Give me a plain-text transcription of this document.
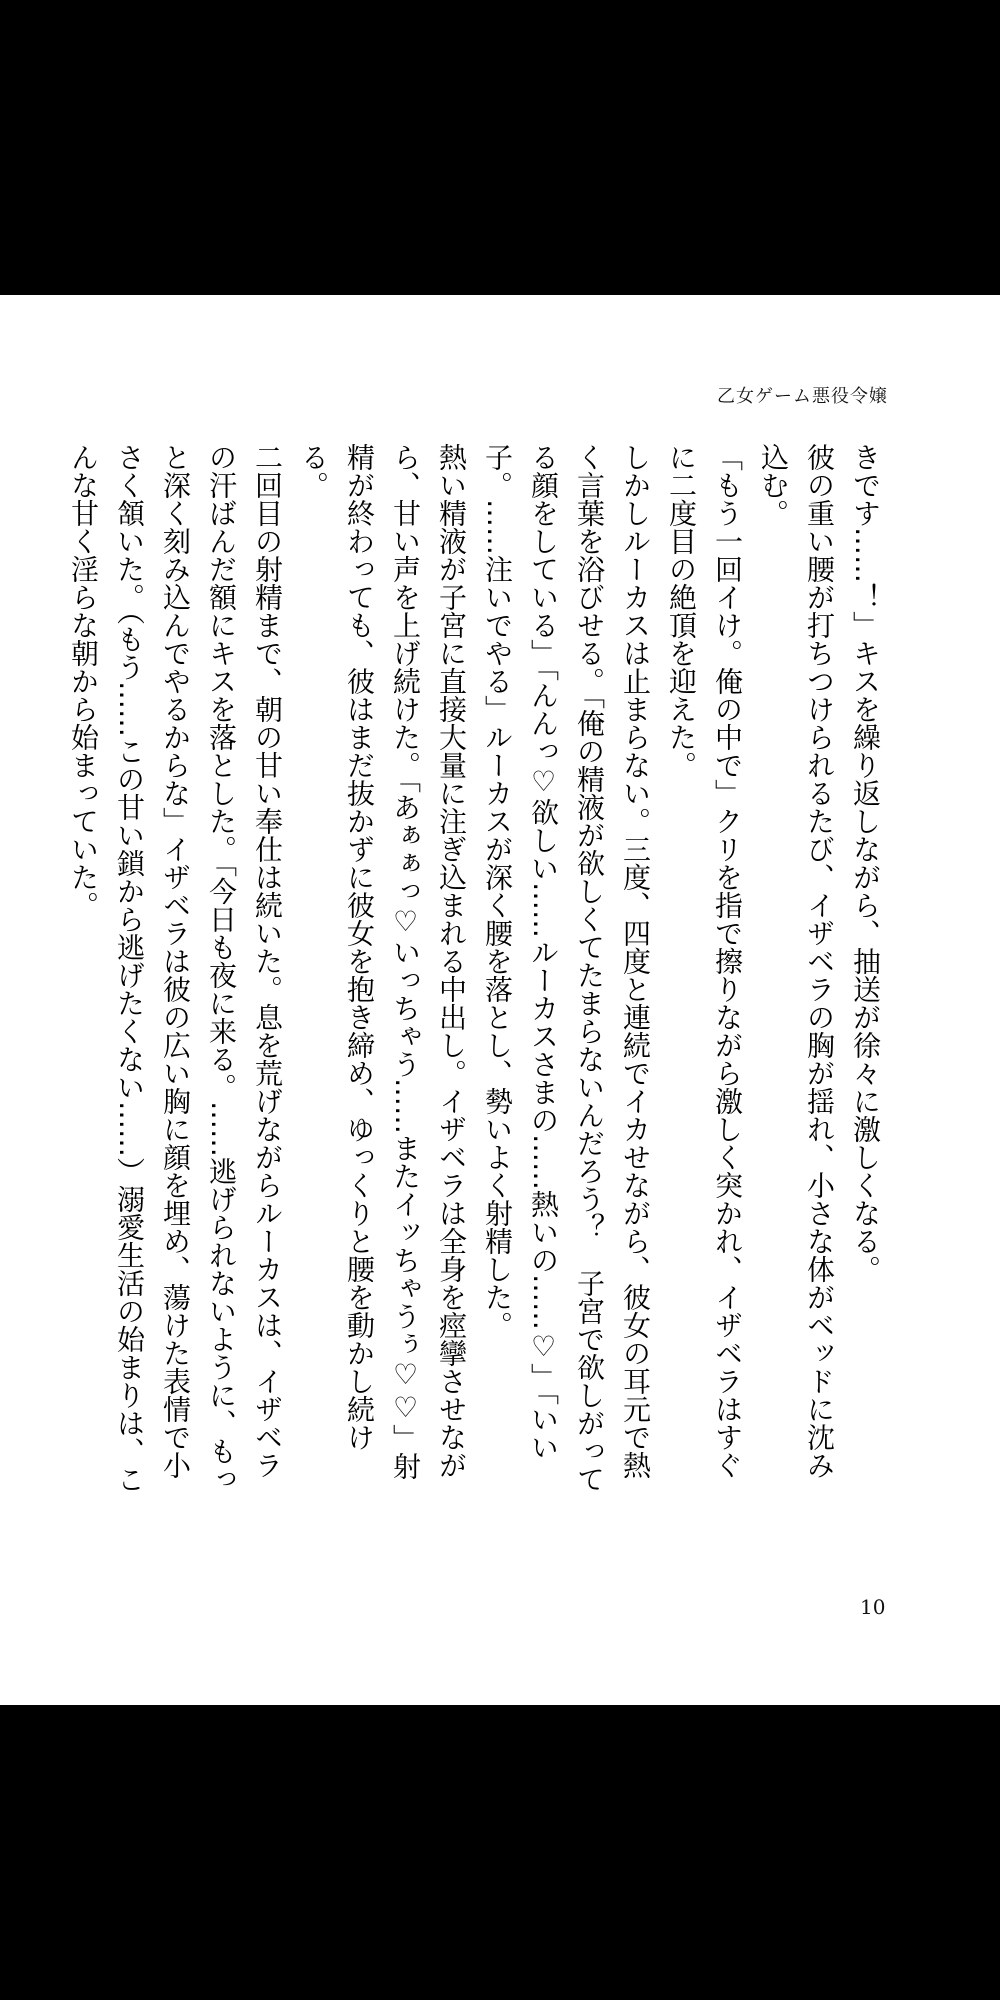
乙女ゲーム悪役令嬢

きです……！」キスを繰り返しながら、抽送が徐々に激しくなる。

彼の重い腰が打ちつけられるたび、イザベラの胸が揺れ、小さな体がベッドに沈み込む。

「もう一回イけ。俺の中で」クリを指で擦りながら激しく突かれ、イザベラはすぐに二度目の絶頂を迎えた。

しかしルーカスは止まらない。三度、四度と連続でイカせながら、彼女の耳元で熱く言葉を浴びせる。「俺の精液が欲しくてたまらないんだろう？　子宮で欲しがってる顔をしている」「んんっ♡欲しい……ルーカスさまの……熱いの……♡」「いい子。……注いでやる」ルーカスが深く腰を落とし、勢いよく射精した。

熱い精液が子宮に直接大量に注ぎ込まれる中出し。イザベラは全身を痙攣させながら、甘い声を上げ続けた。「あぁぁっ♡いっちゃう……またイッちゃうぅ♡♡」射精が終わっても、彼はまだ抜かずに彼女を抱き締め、ゆっくりと腰を動かし続ける。

二回目の射精まで、朝の甘い奉仕は続いた。息を荒げながらルーカスは、イザベラの汗ばんだ額にキスを落とした。「今日も夜に来る。……逃げられないように、もっと深く刻み込んでやるからな」イザベラは彼の広い胸に顔を埋め、蕩けた表情で小さく頷いた。（もう……この甘い鎖から逃げたくない……）溺愛生活の始まりは、こんな甘く淫らな朝から始まっていた。

10
